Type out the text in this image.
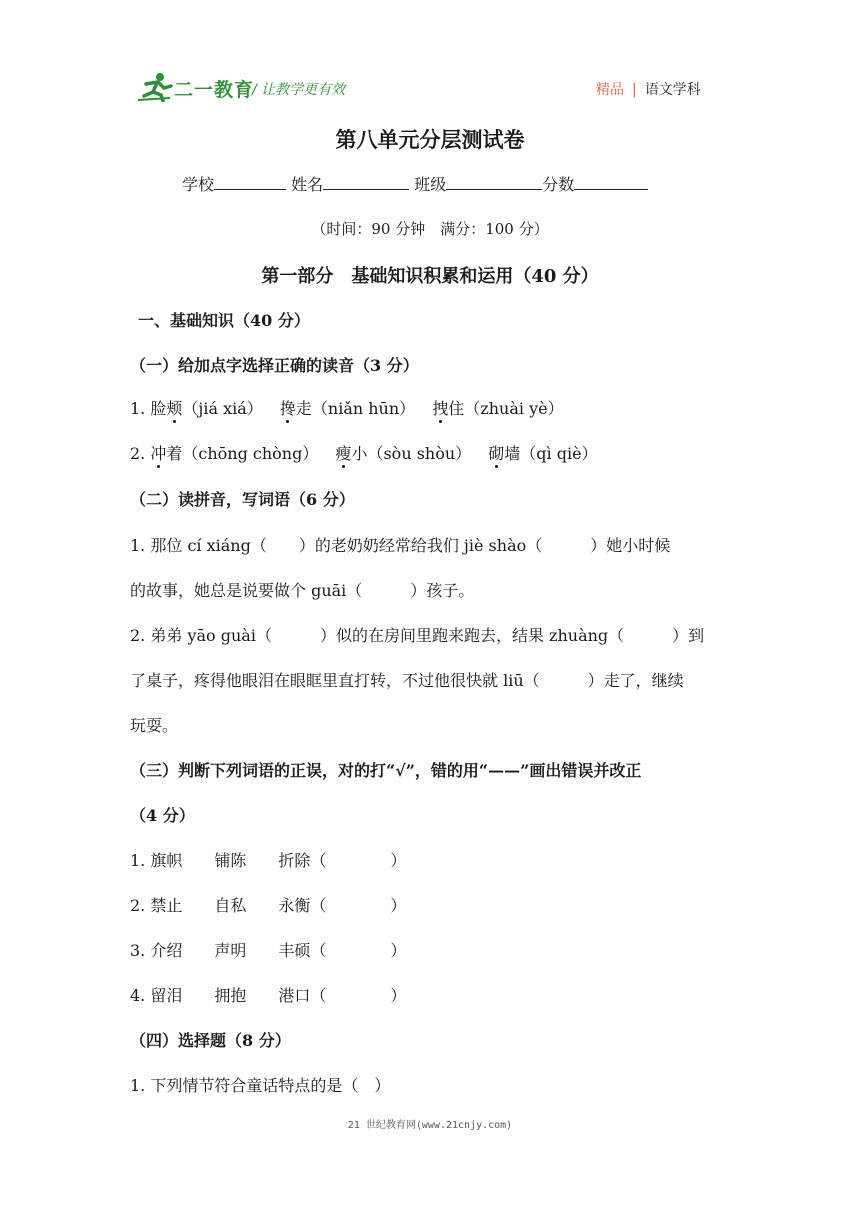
二一教育
/ 让教学更有效	精品 | 语文学科
第八单元分层测试卷
学校	姓名	班级	分数
（时间：90 分钟　满分：100 分）
第一部分　基础知识积累和运用（40 分）
一、基础知识（40 分）
（一）给加点字选择正确的读音（3 分）
1. 脸颊（jiá xiá） 搀走（niǎn hūn） 拽住（zhuài yè）
2. 冲着（chōng chòng） 瘦小（sòu shòu） 砌墙（qì qiè）
（二）读拼音，写词语（6 分）
1. 那位 cí xiáng（　　）的老奶奶经常给我们 jiè shào（　　　）她小时候
的故事，她总是说要做个 guāi（　　　）孩子。
2. 弟弟 yāo guài（　　　）似的在房间里跑来跑去，结果 zhuàng（　　　）到
了桌子，疼得他眼泪在眼眶里直打转，不过他很快就 liū（　　　）走了，继续
玩耍。
（三）判断下列词语的正误，对的打“√”，错的用“——”画出错误并改正
（4 分）
1. 旗帜　　铺陈　　折除（　　　　）
2. 禁止　　自私　　永衡（　　　　）
3. 介绍　　声明　　丰硕（　　　　）
4. 留泪　　拥抱　　港口（　　　　）
（四）选择题（8 分）
1. 下列情节符合童话特点的是（　）
21 世纪教育网(www.21cnjy.com)
